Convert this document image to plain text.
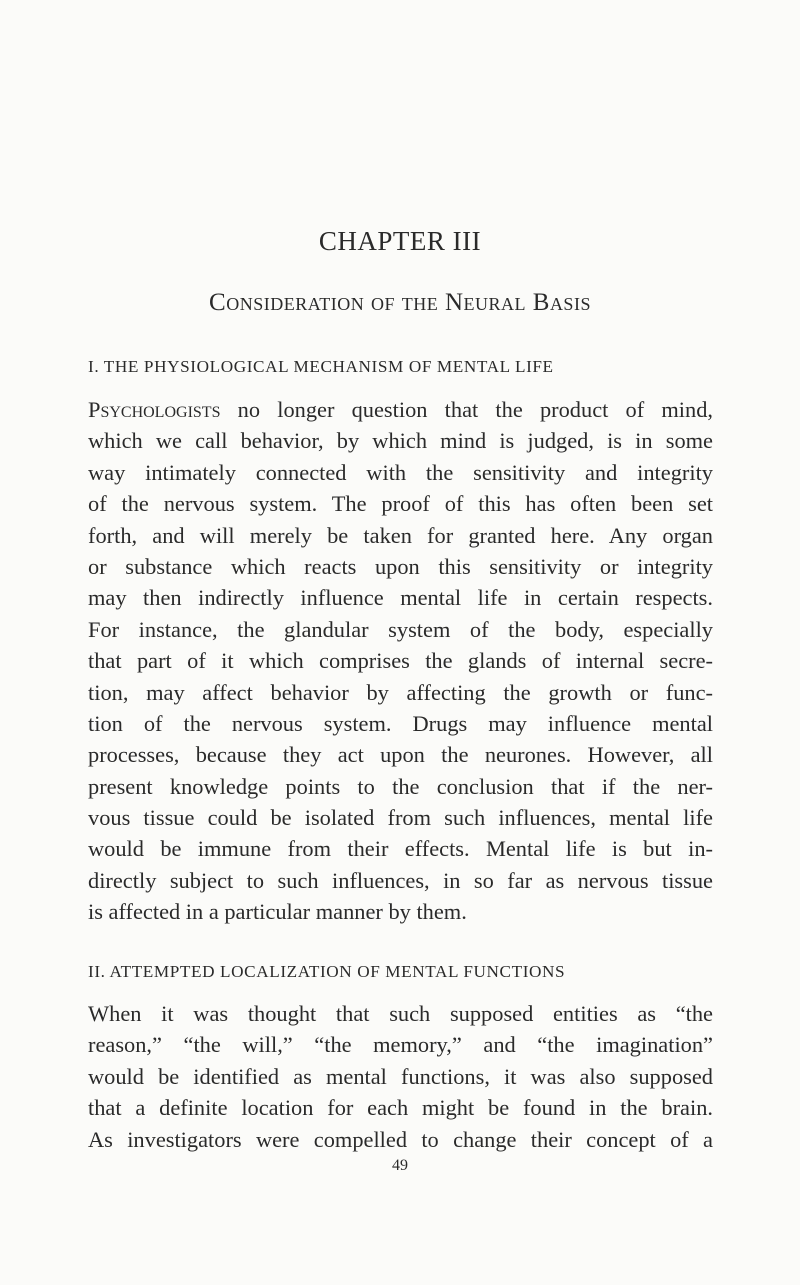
CHAPTER III
Consideration of the Neural Basis
I. THE PHYSIOLOGICAL MECHANISM OF MENTAL LIFE
Psychologists no longer question that the product of mind,
which we call behavior, by which mind is judged, is in some
way intimately connected with the sensitivity and integrity
of the nervous system. The proof of this has often been set
forth, and will merely be taken for granted here. Any organ
or substance which reacts upon this sensitivity or integrity
may then indirectly influence mental life in certain respects.
For instance, the glandular system of the body, especially
that part of it which comprises the glands of internal secre-
tion, may affect behavior by affecting the growth or func-
tion of the nervous system. Drugs may influence mental
processes, because they act upon the neurones. However, all
present knowledge points to the conclusion that if the ner-
vous tissue could be isolated from such influences, mental life
would be immune from their effects. Mental life is but in-
directly subject to such influences, in so far as nervous tissue
is affected in a particular manner by them.
II. ATTEMPTED LOCALIZATION OF MENTAL FUNCTIONS
When it was thought that such supposed entities as “the
reason,” “the will,” “the memory,” and “the imagination”
would be identified as mental functions, it was also supposed
that a definite location for each might be found in the brain.
As investigators were compelled to change their concept of a
49
